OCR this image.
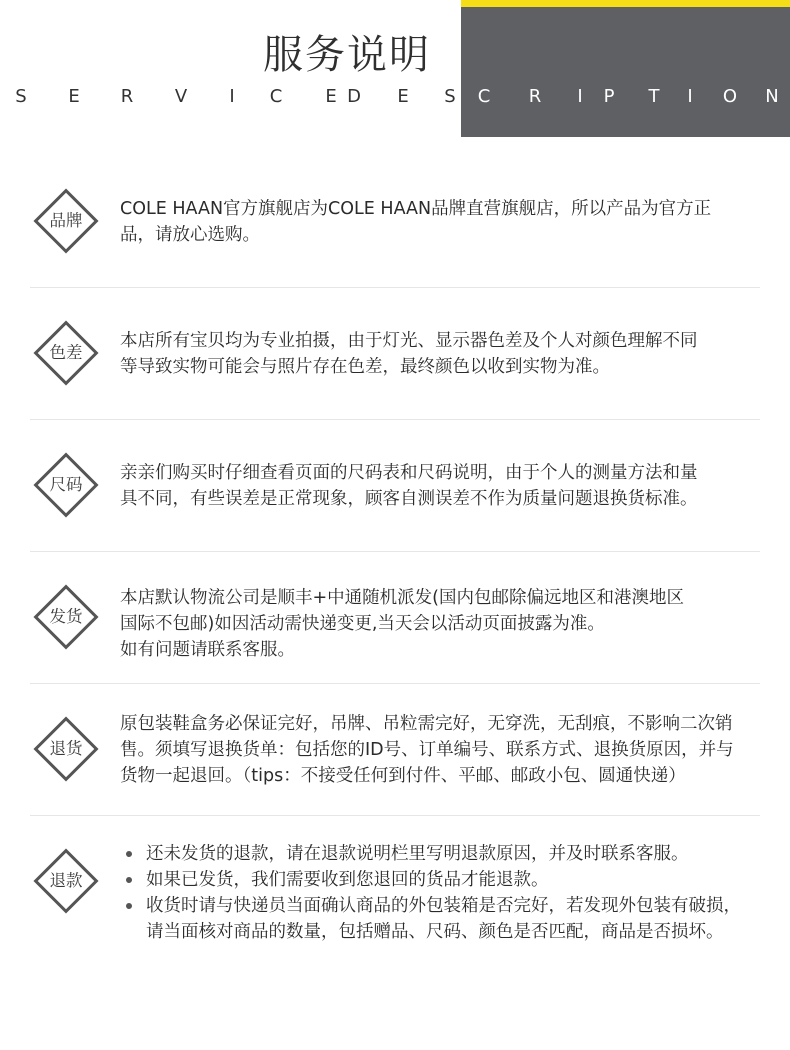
服务说明
S E R V	I	C E D E S C R	I	P T	I	O N
品牌

COLE HAAN官方旗舰店为COLE HAAN品牌直营旗舰店，所以产品为官方正

品，请放心选购。

色差

本店所有宝贝均为专业拍摄，由于灯光、显示器色差及个人对颜色理解不同

等导致实物可能会与照片存在色差，最终颜色以收到实物为准。

尺码

亲亲们购买时仔细查看页面的尺码表和尺码说明，由于个人的测量方法和量

具不同，有些误差是正常现象，顾客自测误差不作为质量问题退换货标准。

发货

本店默认物流公司是顺丰+中通随机派发(国内包邮除偏远地区和港澳地区

国际不包邮)如因活动需快递变更,当天会以活动页面披露为准。

如有问题请联系客服。

退货

原包装鞋盒务必保证完好，吊牌、吊粒需完好，无穿洗，无刮痕，不影响二次销

售。须填写退换货单：包括您的ID号、订单编号、联系方式、退换货原因，并与

货物一起退回。（tips：不接受任何到付件、平邮、邮政小包、圆通快递）

退款
还未发货的退款，请在退款说明栏里写明退款原因，并及时联系客服。
如果已发货，我们需要收到您退回的货品才能退款。
收货时请与快递员当面确认商品的外包装箱是否完好，若发现外包装有破损，
请当面核对商品的数量，包括赠品、尺码、颜色是否匹配，商品是否损坏。
